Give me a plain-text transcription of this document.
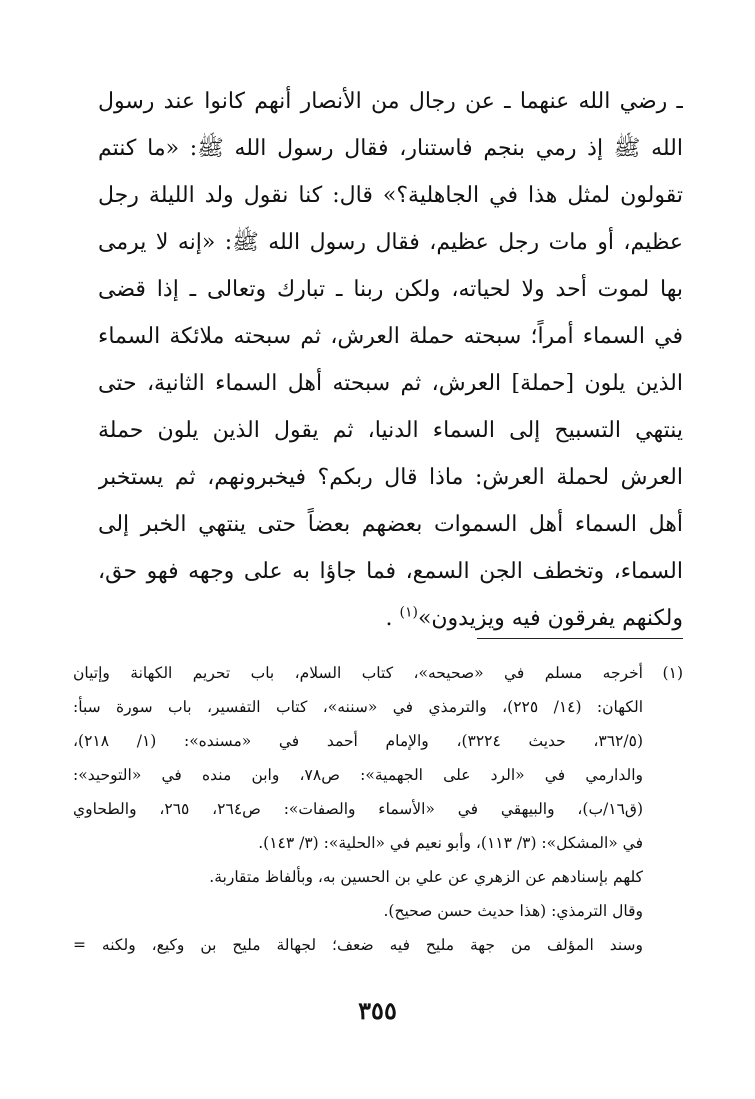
ـ رضي الله عنهما ـ عن رجال من الأنصار أنهم كانوا عند رسول
الله ﷺ إذ رمي بنجم فاستنار، فقال رسول الله ﷺ: «ما كنتم
تقولون لمثل هذا في الجاهلية؟» قال: كنا نقول ولد الليلة رجل
عظيم، أو مات رجل عظيم، فقال رسول الله ﷺ: «إنه لا يرمى
بها لموت أحد ولا لحياته، ولكن ربنا ـ تبارك وتعالى ـ إذا قضى
في السماء أمراً؛ سبحته حملة العرش، ثم سبحته ملائكة السماء
الذين يلون [حملة] العرش، ثم سبحته أهل السماء الثانية، حتى
ينتهي التسبيح إلى السماء الدنيا، ثم يقول الذين يلون حملة
العرش لحملة العرش: ماذا قال ربكم؟ فيخبرونهم، ثم يستخبر
أهل السماء أهل السموات بعضهم بعضاً حتى ينتهي الخبر إلى
السماء، وتخطف الجن السمع، فما جاؤا به على وجهه فهو حق،
ولكنهم يفرقون فيه ويزيدون»$^{(١)}$ .
(١)أخرجه مسلم في «صحيحه»، كتاب السلام، باب تحريم الكهانة وإتيان
الكهان: (١٤/ ٢٢٥)، والترمذي في «سننه»، كتاب التفسير، باب سورة سبأ:
(٣٦٢/٥، حديث ٣٢٢٤)، والإمام أحمد في «مسنده»: (١/ ٢١٨)،
والدارمي في «الرد على الجهمية»: ص٧٨، وابن منده في «التوحيد»:
(ق١٦/ب)، والبيهقي في «الأسماء والصفات»: ص٢٦٤، ٢٦٥، والطحاوي
في «المشكل»: (٣/ ١١٣)، وأبو نعيم في «الحلية»: (٣/ ١٤٣).
كلهم بإسنادهم عن الزهري عن علي بن الحسين به، وبألفاظ متقاربة.
وقال الترمذي: (هذا حديث حسن صحيح).
وسند المؤلف من جهة مليح فيه ضعف؛ لجهالة مليح بن وكيع، ولكنه =
٣٥٥
